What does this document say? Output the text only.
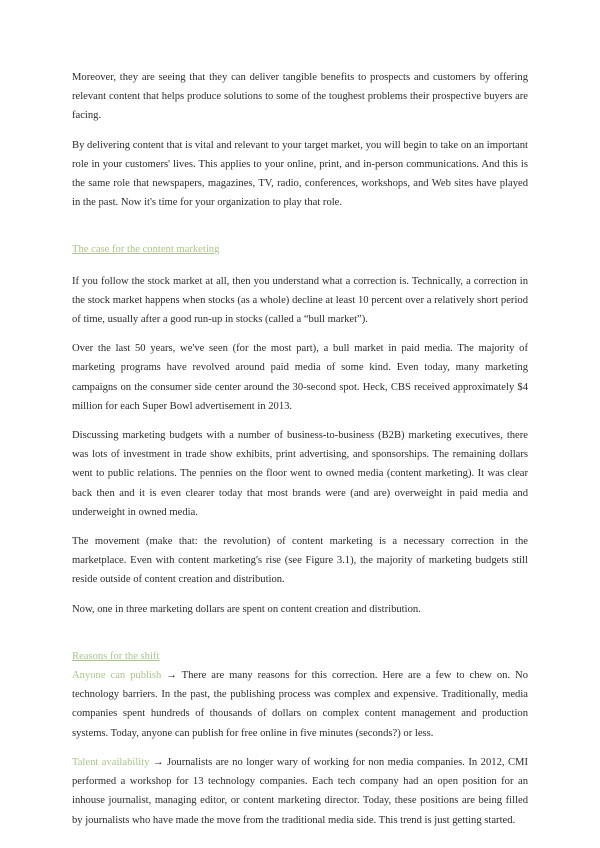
Moreover, they are seeing that they can deliver tangible benefits to prospects and customers by offering relevant content that helps produce solutions to some of the toughest problems their prospective buyers are facing.

By delivering content that is vital and relevant to your target market, you will begin to take on an important role in your customers' lives. This applies to your online, print, and in-person communications. And this is the same role that newspapers, magazines, TV, radio, conferences, workshops, and Web sites have played in the past. Now it's time for your organization to play that role.

The case for the content marketing

If you follow the stock market at all, then you understand what a correction is. Technically, a correction in the stock market happens when stocks (as a whole) decline at least 10 percent over a relatively short period of time, usually after a good run-up in stocks (called a “bull market”).

Over the last 50 years, we've seen (for the most part), a bull market in paid media. The majority of marketing programs have revolved around paid media of some kind. Even today, many marketing campaigns on the consumer side center around the 30-second spot. Heck, CBS received approximately $4 million for each Super Bowl advertisement in 2013.

Discussing marketing budgets with a number of business-to-business (B2B) marketing executives, there was lots of investment in trade show exhibits, print advertising, and sponsorships. The remaining dollars went to public relations. The pennies on the floor went to owned media (content marketing). It was clear back then and it is even clearer today that most brands were (and are) overweight in paid media and underweight in owned media.

The movement (make that: the revolution) of content marketing is a necessary correction in the marketplace. Even with content marketing's rise (see Figure 3.1), the majority of marketing budgets still reside outside of content creation and distribution.

Now, one in three marketing dollars are spent on content creation and distribution.

Reasons for the shift

Anyone can publish → There are many reasons for this correction. Here are a few to chew on. No technology barriers. In the past, the publishing process was complex and expensive. Traditionally, media companies spent hundreds of thousands of dollars on complex content management and production systems. Today, anyone can publish for free online in five minutes (seconds?) or less.

Talent availability → Journalists are no longer wary of working for non media companies. In 2012, CMI performed a workshop for 13 technology companies. Each tech company had an open position for an inhouse journalist, managing editor, or content marketing director. Today, these positions are being filled by journalists who have made the move from the traditional media side. This trend is just getting started.
